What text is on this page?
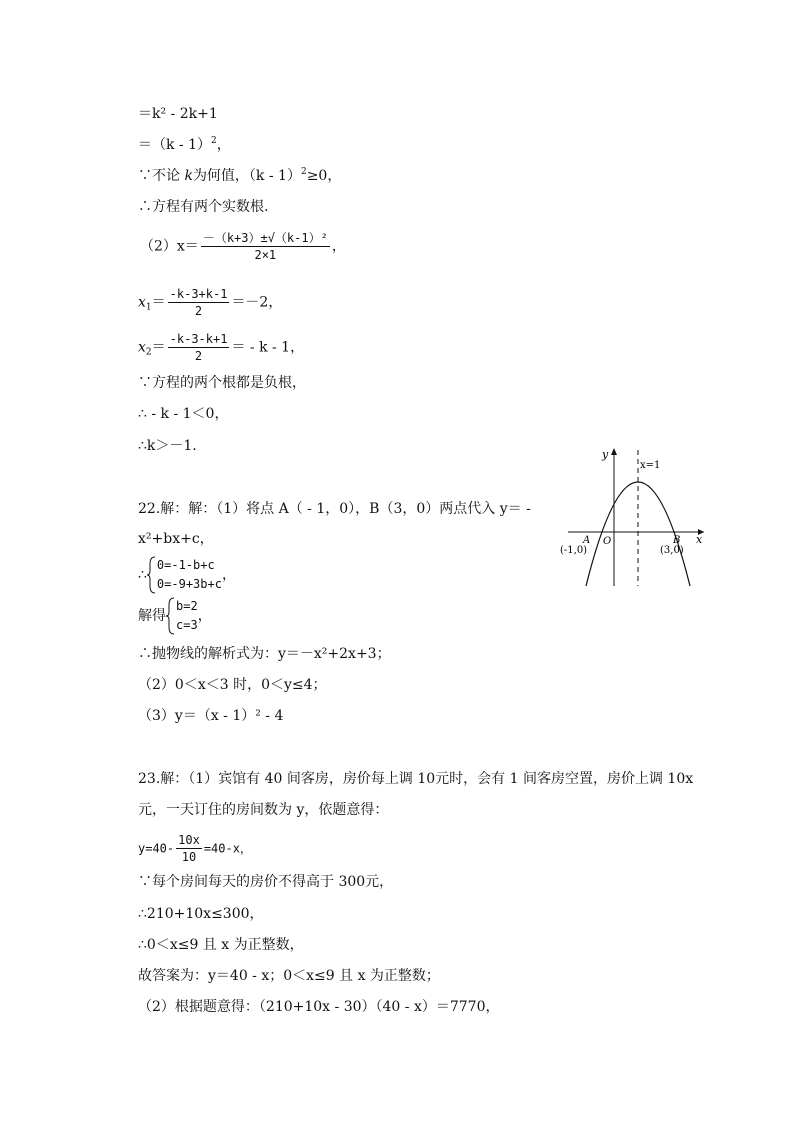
＝k² - 2k+1
＝（k - 1）$^2$，
∵不论 k为何值，（k - 1）$^2$≥0，
∴方程有两个实数根.
$(2)x= \frac{\text{－（k+3）±√（k-1）²}}{2\times 1}$ ，
$x_1= \frac{-k-3+k-1}{2} =-2$，
$x_2= \frac{-k-3-k+1}{2}$ ＝ - k - 1，
∵方程的两个根都是负根，
∴ - k - 1＜0，
∴k＞－1.
22.解：解：（1）将点 A（ - 1，0），B（3，0）两点代入 y＝ -
x²+bx+c，
∴
0=-1-b+c
0=-9+3b+c
，
解得
b=2
c=3
，
∴抛物线的解析式为：y＝－x²+2x+3；
（2）0＜x＜3 时，0＜y≤4；
（3）y＝（x - 1）² - 4
y
x
x=1
O
A
(-1,0)
B
(3,0)
23.解：（1）宾馆有 40 间客房，房价每上调 10元时，会有 1 间客房空置，房价上调 10x
元，一天订住的房间数为 y，依题意得：
$y=40- \frac{10x}{10} =40-x$，
∵每个房间每天的房价不得高于 300元，
∴210+10x≤300，
∴0＜x≤9 且 x 为正整数，
故答案为：y＝40 - x；0＜x≤9 且 x 为正整数；
（2）根据题意得：（210+10x - 30）（40 - x）＝7770，
